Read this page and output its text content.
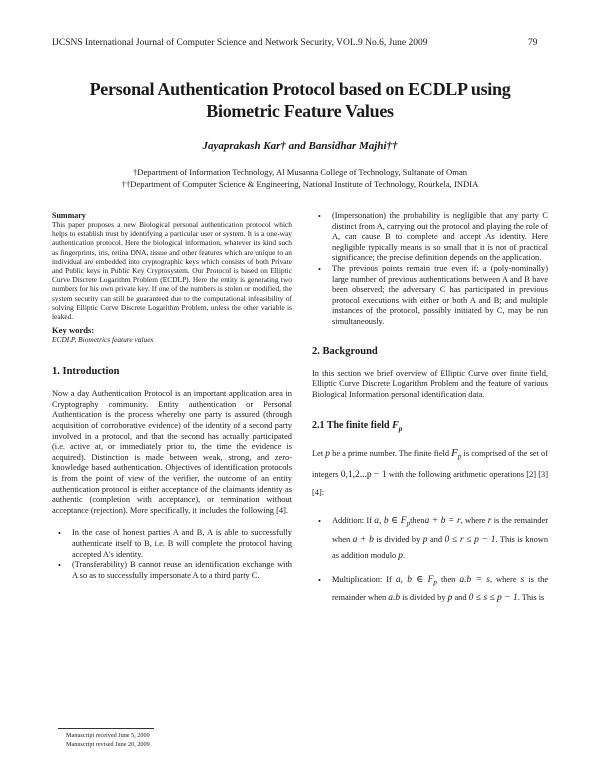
IJCSNS International Journal of Computer Science and Network Security, VOL.9 No.6, June 2009	79
Personal Authentication Protocol based on ECDLP using
Biometric Feature Values
Jayaprakash Kar† and Bansidhar Majhi††
†Department of Information Technology, Al Musanna College of Technology, Sultanate of Oman
††Department of Computer Science & Engineering, National Institute of Technology, Rourkela, INDIA

Summary

This paper proposes a new Biological personal authentication protocol which helps to establish trust by identifying a particular user or system. It is a one-way authentication protocol. Here the biological information, whatever its kind such as fingerprints, iris, retina DNA, tissue and other features which are unique to an individual are embedded into cryptographic keys which consists of both Private and Public keys in Public Key Cryptosystem. Our Protocol is based on Elliptic Curve Discrete Logarithm Problem (ECDLP). Here the entity is generating two numbers for his own private key. If one of the numbers is stolen or modified, the system security can still be guaranteed due to the computational infeasibility of solving Elliptic Curve Discrete Logarithm Problem, unless the other variable is leaked.

Key words:

ECDLP, Biometrics feature values

1. Introduction

Now a day Authentication Protocol is an important application area in Cryptography community. Entity authentication or Personal Authentication is the process whereby one party is assured (through acquisition of corroborative evidence) of the identity of a second party involved in a protocol, and that the second has actually participated (i.e. active at, or immediately prior to, the time the evidence is acquired). Distinction is made between weak, strong, and zero-knowledge based authentication. Objectives of identification protocols is from the point of view of the verifier, the outcome of an entity authentication protocol is either acceptance of the claimants identity as authentic (completion with acceptance), or termination without acceptance (rejection). More specifically, it includes the following [4].

• In the case of honest parties A and B, A is able to successfully authenticate itself to B, i.e. B will complete the protocol having accepted A's identity.
• (Transferability) B cannot reuse an identification exchange with A so as to successfully impersonate A to a third party C.
• (Impersonation) the probability is negligible that any party C distinct from A, carrying out the protocol and playing the role of A, can cause B to complete and accept As identity. Here negligible typically means is so small that it is not of practical significance; the precise definition depends on the application.
• The previous points remain true even if: a (poly-nominally) large number of previous authentications between A and B have been observed; the adversary C has participated in previous protocol executions with either or both A and B; and multiple instances of the protocol, possibly initiated by C, may be run simultaneously.

2. Background

In this section we brief overview of Elliptic Curve over finite field, Elliptic Curve Discrete Logarithm Problem and the feature of various Biological Information personal identification data.

2.1 The finite field $F_p$

Let p be a prime number. The finite field $F_p$ is comprised of the set of integers 0,1,2...p − 1 with the following arithmetic operations [2] [3] [4]:

• Addition: If a, b ∈ $F_pthena + b = r$, where r is the remainder when a + b is divided by p and 0 ≤ r ≤ p − 1. This is known as addition modulo p.
• Multiplication: If a, b ∈ $F_p$ then a.b = s, where s is the remainder when a.b is divided by p and 0 ≤ s ≤ p − 1. This is
Manuscript received June 5, 2009
Manuscript revised June 20, 2009
